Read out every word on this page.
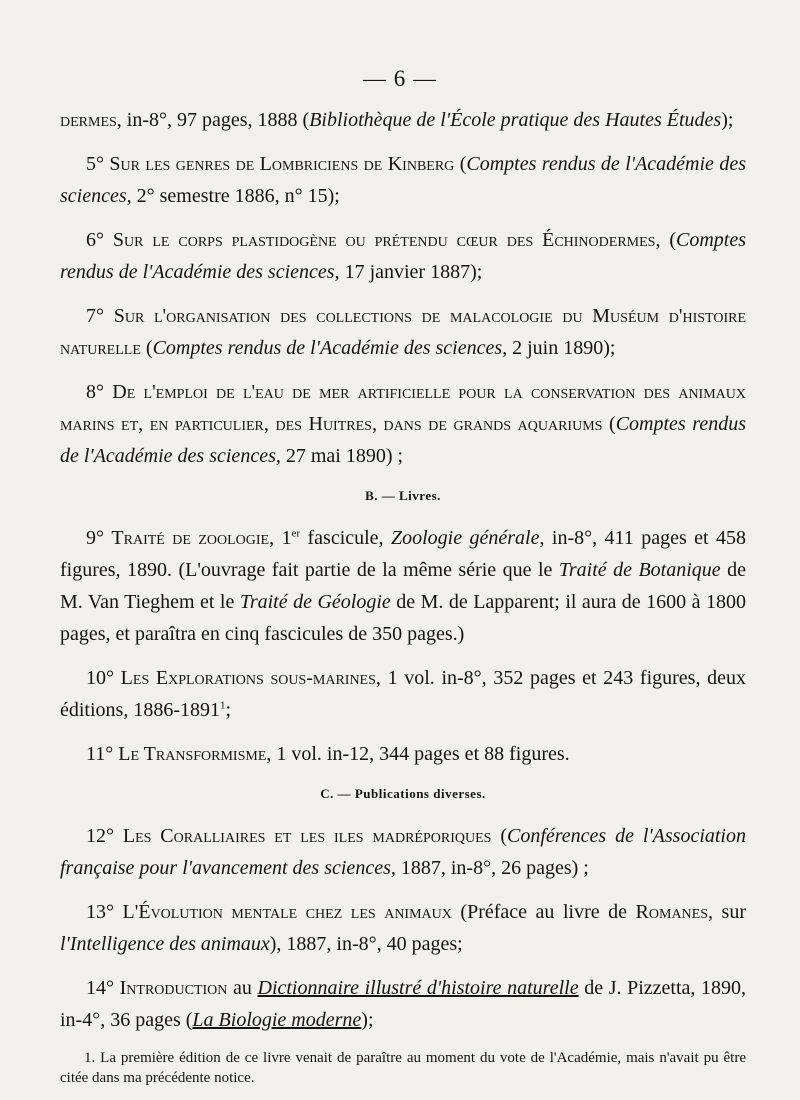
— 6 —

dermes, in-8°, 97 pages, 1888 (Bibliothèque de l'École pratique des Hautes Études);

5° Sur les genres de Lombriciens de Kinberg (Comptes rendus de l'Académie des sciences, 2° semestre 1886, n° 15);

6° Sur le corps plastidogène ou prétendu cœur des Échinodermes, (Comptes rendus de l'Académie des sciences, 17 janvier 1887);

7° Sur l'organisation des collections de malacologie du Muséum d'histoire naturelle (Comptes rendus de l'Académie des sciences, 2 juin 1890);

8° De l'emploi de l'eau de mer artificielle pour la conservation des animaux marins et, en particulier, des Huitres, dans de grands aquariums (Comptes rendus de l'Académie des sciences, 27 mai 1890) ;

B. — Livres.

9° Traité de zoologie, 1er fascicule, Zoologie générale, in-8°, 411 pages et 458 figures, 1890. (L'ouvrage fait partie de la même série que le Traité de Botanique de M. Van Tieghem et le Traité de Géologie de M. de Lapparent; il aura de 1600 à 1800 pages, et paraîtra en cinq fascicules de 350 pages.)

10° Les Explorations sous-marines, 1 vol. in-8°, 352 pages et 243 figures, deux éditions, 1886-1891$^1$;

11° Le Transformisme, 1 vol. in-12, 344 pages et 88 figures.

C. — Publications diverses.

12° Les Coralliaires et les iles madréporiques (Conférences de l'Association française pour l'avancement des sciences, 1887, in-8°, 26 pages) ;

13° L'Évolution mentale chez les animaux (Préface au livre de Romanes, sur l'Intelligence des animaux), 1887, in-8°, 40 pages;

14° Introduction au Dictionnaire illustré d'histoire naturelle de J. Pizzetta, 1890, in-4°, 36 pages (La Biologie moderne);

1. La première édition de ce livre venait de paraître au moment du vote de l'Académie, mais n'avait pu être citée dans ma précédente notice.
